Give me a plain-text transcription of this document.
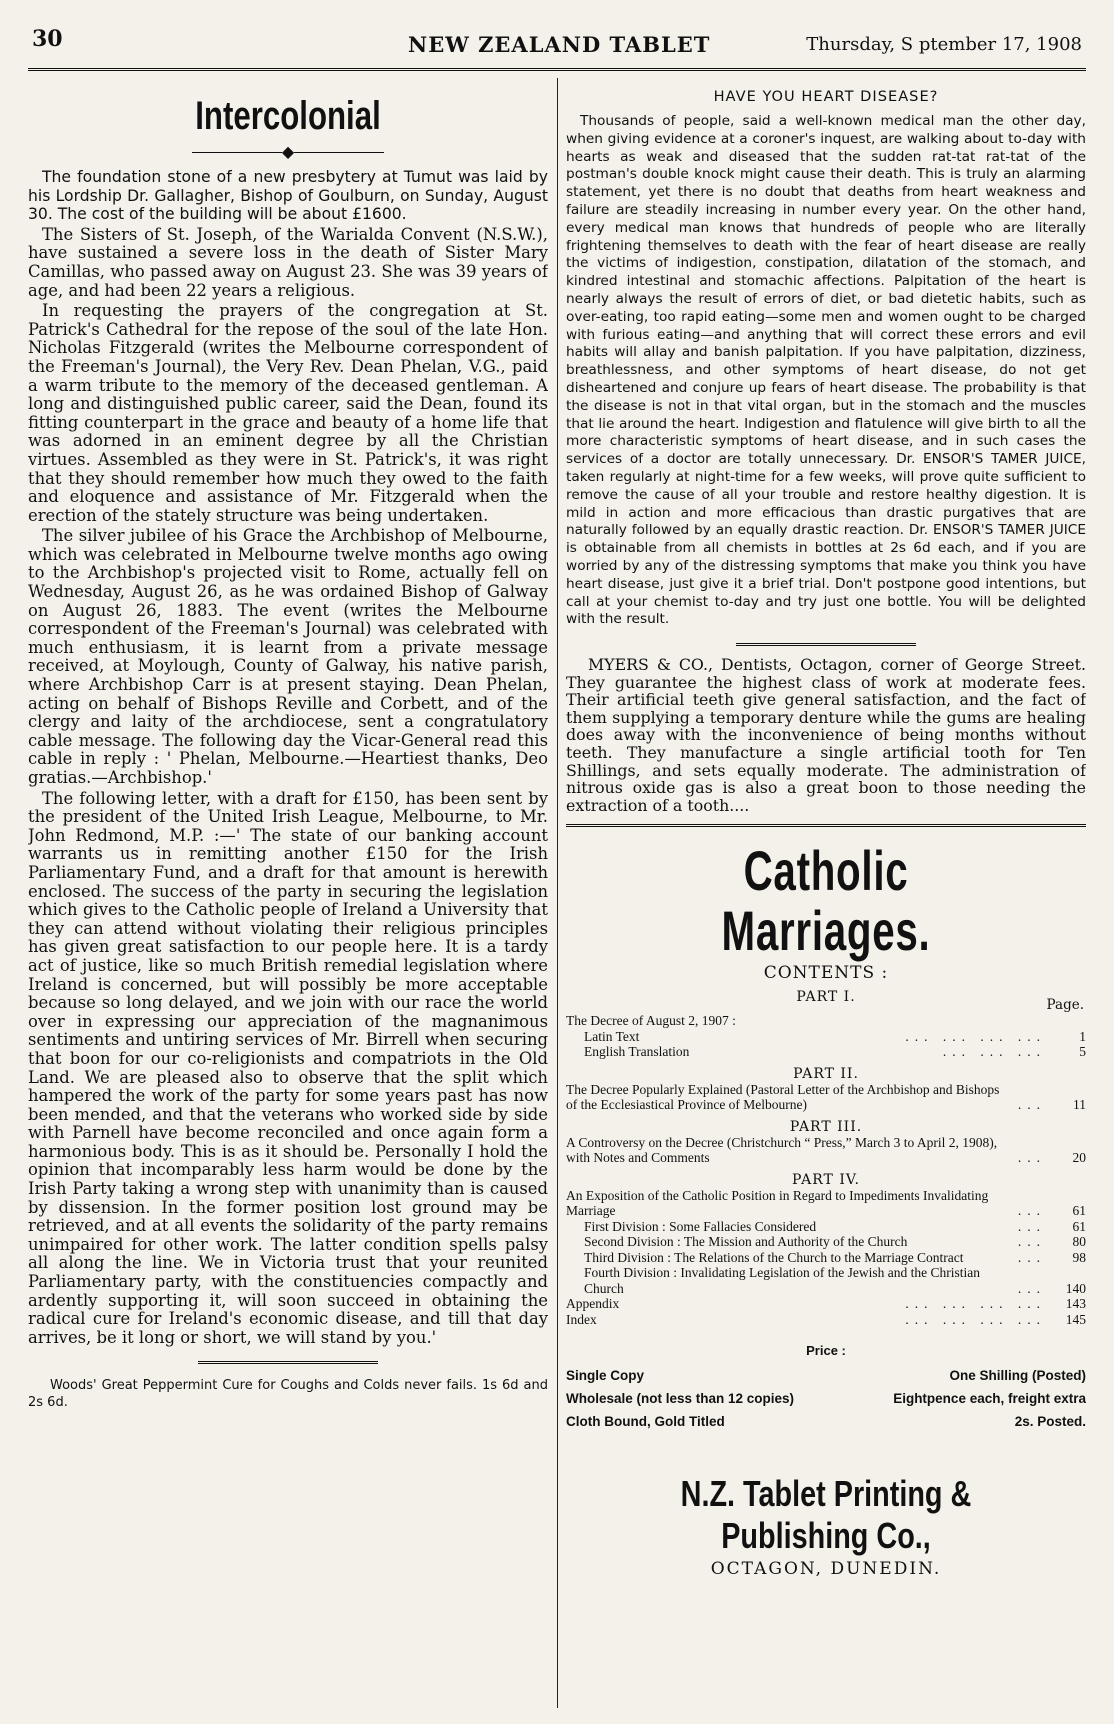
30	NEW ZEALAND TABLET	Thursday, S ptember 17, 1908
Intercolonial
◆

The foundation stone of a new presbytery at Tumut was laid by his Lordship Dr. Gallagher, Bishop of Goulburn, on Sunday, August 30. The cost of the building will be about £1600.

The Sisters of St. Joseph, of the Warialda Convent (N.S.W.), have sustained a severe loss in the death of Sister Mary Camillas, who passed away on August 23. She was 39 years of age, and had been 22 years a religious.

In requesting the prayers of the congregation at St. Patrick's Cathedral for the repose of the soul of the late Hon. Nicholas Fitzgerald (writes the Melbourne correspondent of the Freeman's Journal), the Very Rev. Dean Phelan, V.G., paid a warm tribute to the memory of the deceased gentleman. A long and distinguished public career, said the Dean, found its fitting counterpart in the grace and beauty of a home life that was adorned in an eminent degree by all the Christian virtues. Assembled as they were in St. Patrick's, it was right that they should remember how much they owed to the faith and eloquence and assistance of Mr. Fitzgerald when the erection of the stately structure was being undertaken.

The silver jubilee of his Grace the Archbishop of Melbourne, which was celebrated in Melbourne twelve months ago owing to the Archbishop's projected visit to Rome, actually fell on Wednesday, August 26, as he was ordained Bishop of Galway on August 26, 1883. The event (writes the Melbourne correspondent of the Freeman's Journal) was celebrated with much enthusiasm, it is learnt from a private message received, at Moylough, County of Galway, his native parish, where Archbishop Carr is at present staying. Dean Phelan, acting on behalf of Bishops Reville and Corbett, and of the clergy and laity of the archdiocese, sent a congratulatory cable message. The following day the Vicar-General read this cable in reply : ' Phelan, Melbourne.—Heartiest thanks, Deo gratias.—Archbishop.'

The following letter, with a draft for £150, has been sent by the president of the United Irish League, Melbourne, to Mr. John Redmond, M.P. :—' The state of our banking account warrants us in remitting another £150 for the Irish Parliamentary Fund, and a draft for that amount is herewith enclosed. The success of the party in securing the legislation which gives to the Catholic people of Ireland a University that they can attend without violating their religious principles has given great satisfaction to our people here. It is a tardy act of justice, like so much British remedial legislation where Ireland is concerned, but will possibly be more acceptable because so long delayed, and we join with our race the world over in expressing our appreciation of the magnanimous sentiments and untiring services of Mr. Birrell when securing that boon for our co-religionists and compatriots in the Old Land. We are pleased also to observe that the split which hampered the work of the party for some years past has now been mended, and that the veterans who worked side by side with Parnell have become reconciled and once again form a harmonious body. This is as it should be. Personally I hold the opinion that incomparably less harm would be done by the Irish Party taking a wrong step with unanimity than is caused by dissension. In the former position lost ground may be retrieved, and at all events the solidarity of the party remains unimpaired for other work. The latter condition spells palsy all along the line. We in Victoria trust that your reunited Parliamentary party, with the constituencies compactly and ardently supporting it, will soon succeed in obtaining the radical cure for Ireland's economic disease, and till that day arrives, be it long or short, we will stand by you.'

Woods' Great Peppermint Cure for Coughs and Colds never fails. 1s 6d and 2s 6d.

HAVE YOU HEART DISEASE?

Thousands of people, said a well-known medical man the other day, when giving evidence at a coroner's inquest, are walking about to-day with hearts as weak and diseased that the sudden rat-tat rat-tat of the postman's double knock might cause their death. This is truly an alarming statement, yet there is no doubt that deaths from heart weakness and failure are steadily increasing in number every year. On the other hand, every medical man knows that hundreds of people who are literally frightening themselves to death with the fear of heart disease are really the victims of indigestion, constipation, dilatation of the stomach, and kindred intestinal and stomachic affections. Palpitation of the heart is nearly always the result of errors of diet, or bad dietetic habits, such as over-eating, too rapid eating—some men and women ought to be charged with furious eating—and anything that will correct these errors and evil habits will allay and banish palpitation. If you have palpitation, dizziness, breathlessness, and other symptoms of heart disease, do not get disheartened and conjure up fears of heart disease. The probability is that the disease is not in that vital organ, but in the stomach and the muscles that lie around the heart. Indigestion and flatulence will give birth to all the more characteristic symptoms of heart disease, and in such cases the services of a doctor are totally unnecessary. Dr. ENSOR'S TAMER JUICE, taken regularly at night-time for a few weeks, will prove quite sufficient to remove the cause of all your trouble and restore healthy digestion. It is mild in action and more efficacious than drastic purgatives that are naturally followed by an equally drastic reaction. Dr. ENSOR'S TAMER JUICE is obtainable from all chemists in bottles at 2s 6d each, and if you are worried by any of the distressing symptoms that make you think you have heart disease, just give it a brief trial. Don't postpone good intentions, but call at your chemist to-day and try just one bottle. You will be delighted with the result.

MYERS & CO., Dentists, Octagon, corner of George Street. They guarantee the highest class of work at moderate fees. Their artificial teeth give general satisfaction, and the fact of them supplying a temporary denture while the gums are healing does away with the inconvenience of being months without teeth. They manufacture a single artificial tooth for Ten Shillings, and sets equally moderate. The administration of nitrous oxide gas is also a great boon to those needing the extraction of a tooth....

Catholic Marriages.
CONTENTS :
PART I.	Page.
The Decree of August 2, 1907 :
Latin Text	... ... ... ...	1
English Translation	... ... ...	5
PART II.
The Decree Popularly Explained (Pastoral Letter of the Archbishop and Bishops of the Ecclesiastical Province of Melbourne)	...	11
PART III.
A Controversy on the Decree (Christchurch “ Press,” March 3 to April 2, 1908), with Notes and Comments	...	20
PART IV.
An Exposition of the Catholic Position in Regard to Impediments Invalidating Marriage	...	61
First Division : Some Fallacies Considered	...	61
Second Division : The Mission and Authority of the Church	...	80
Third Division : The Relations of the Church to the Marriage Contract	...	98
Fourth Division : Invalidating Legislation of the Jewish and the Christian Church	...	140
Appendix	... ... ... ...	143
Index	... ... ... ...	145
Price :
Single Copy	One Shilling (Posted)
Wholesale (not less than 12 copies)	Eightpence each, freight extra
Cloth Bound, Gold Titled	2s. Posted.
N.Z. Tablet Printing & Publishing Co.,
OCTAGON, DUNEDIN.
